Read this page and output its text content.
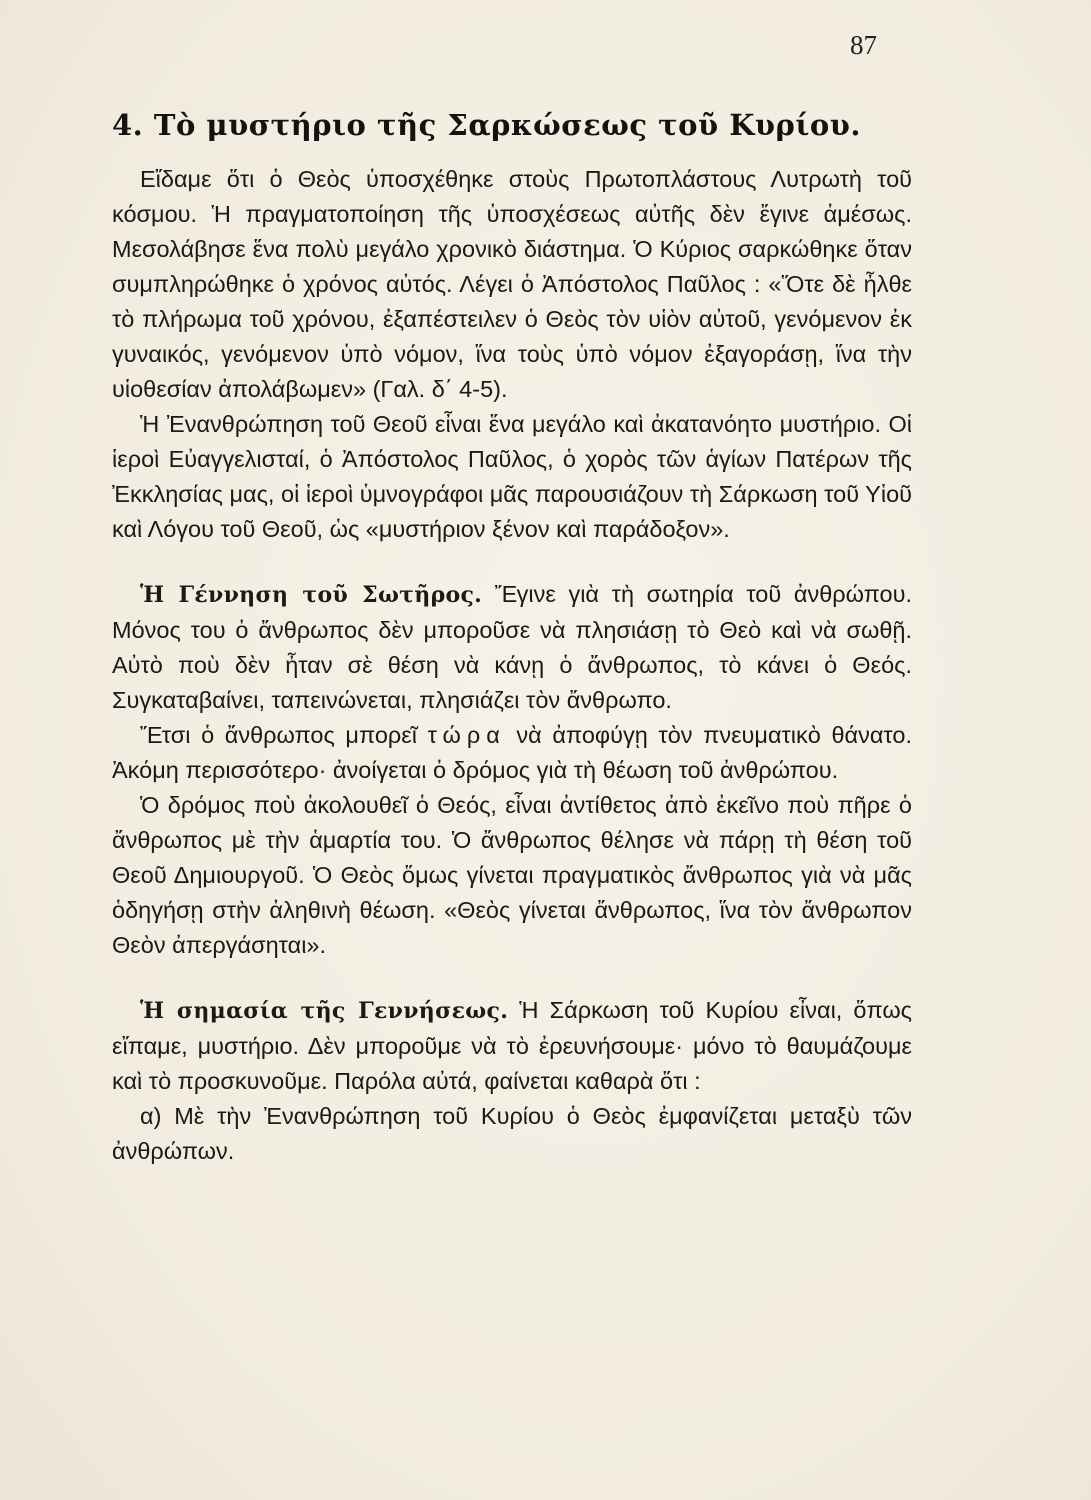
87
4. Τὸ μυστήριο τῆς Σαρκώσεως τοῦ Κυρίου.

Εἴδαμε ὅτι ὁ Θεὸς ὑποσχέθηκε στοὺς Πρωτοπλάστους Λυτρωτὴ τοῦ κόσμου. Ἡ πραγματοποίηση τῆς ὑποσχέσεως αὐτῆς δὲν ἔγινε ἀμέσως. Μεσολάβησε ἕνα πολὺ μεγάλο χρονικὸ διάστημα. Ὁ Κύριος σαρκώθηκε ὅταν συμπληρώθηκε ὁ χρόνος αὐτός. Λέγει ὁ Ἀπόστολος Παῦλος : «Ὅτε δὲ ἦλθε τὸ πλήρωμα τοῦ χρόνου, ἐξαπέστειλεν ὁ Θεὸς τὸν υἱὸν αὐτοῦ, γενόμενον ἐκ γυναικός, γενόμενον ὑπὸ νόμον, ἵνα τοὺς ὑπὸ νόμον ἐξαγοράσῃ, ἵνα τὴν υἱοθεσίαν ἀπολάβωμεν» (Γαλ. δ΄ 4-5).

Ἡ Ἐνανθρώπηση τοῦ Θεοῦ εἶναι ἕνα μεγάλο καὶ ἀκατανόητο μυστήριο. Οἱ ἱεροὶ Εὐαγγελισταί, ὁ Ἀπόστολος Παῦλος, ὁ χορὸς τῶν ἁγίων Πατέρων τῆς Ἐκκλησίας μας, οἱ ἱεροὶ ὑμνογράφοι μᾶς παρουσιάζουν τὴ Σάρκωση τοῦ Υἱοῦ καὶ Λόγου τοῦ Θεοῦ, ὡς «μυστήριον ξένον καὶ παράδοξον».

Ἡ Γέννηση τοῦ Σωτῆρος. Ἔγινε γιὰ τὴ σωτηρία τοῦ ἀνθρώπου. Μόνος του ὁ ἄνθρωπος δὲν μποροῦσε νὰ πλησιάσῃ τὸ Θεὸ καὶ νὰ σωθῇ. Αὐτὸ ποὺ δὲν ἦταν σὲ θέση νὰ κάνῃ ὁ ἄνθρωπος, τὸ κάνει ὁ Θεός. Συγκαταβαίνει, ταπεινώνεται, πλησιάζει τὸν ἄνθρωπο.

Ἔτσι ὁ ἄνθρωπος μπορεῖ τώρα νὰ ἀποφύγῃ τὸν πνευματικὸ θάνατο. Ἀκόμη περισσότερο· ἀνοίγεται ὁ δρόμος γιὰ τὴ θέωση τοῦ ἀνθρώπου.

Ὁ δρόμος ποὺ ἀκολουθεῖ ὁ Θεός, εἶναι ἀντίθετος ἀπὸ ἐκεῖνο ποὺ πῆρε ὁ ἄνθρωπος μὲ τὴν ἁμαρτία του. Ὁ ἄνθρωπος θέλησε νὰ πάρῃ τὴ θέση τοῦ Θεοῦ Δημιουργοῦ. Ὁ Θεὸς ὅμως γίνεται πραγματικὸς ἄνθρωπος γιὰ νὰ μᾶς ὁδηγήσῃ στὴν ἀληθινὴ θέωση. «Θεὸς γίνεται ἄνθρωπος, ἵνα τὸν ἄνθρωπον Θεὸν ἀπεργάσηται».

Ἡ σημασία τῆς Γεννήσεως. Ἡ Σάρκωση τοῦ Κυρίου εἶναι, ὅπως εἴπαμε, μυστήριο. Δὲν μποροῦμε νὰ τὸ ἐρευνήσουμε· μόνο τὸ θαυμάζουμε καὶ τὸ προσκυνοῦμε. Παρόλα αὐτά, φαίνεται καθαρὰ ὅτι :

α) Μὲ τὴν Ἐνανθρώπηση τοῦ Κυρίου ὁ Θεὸς ἐμφανίζεται μεταξὺ τῶν ἀνθρώπων.
